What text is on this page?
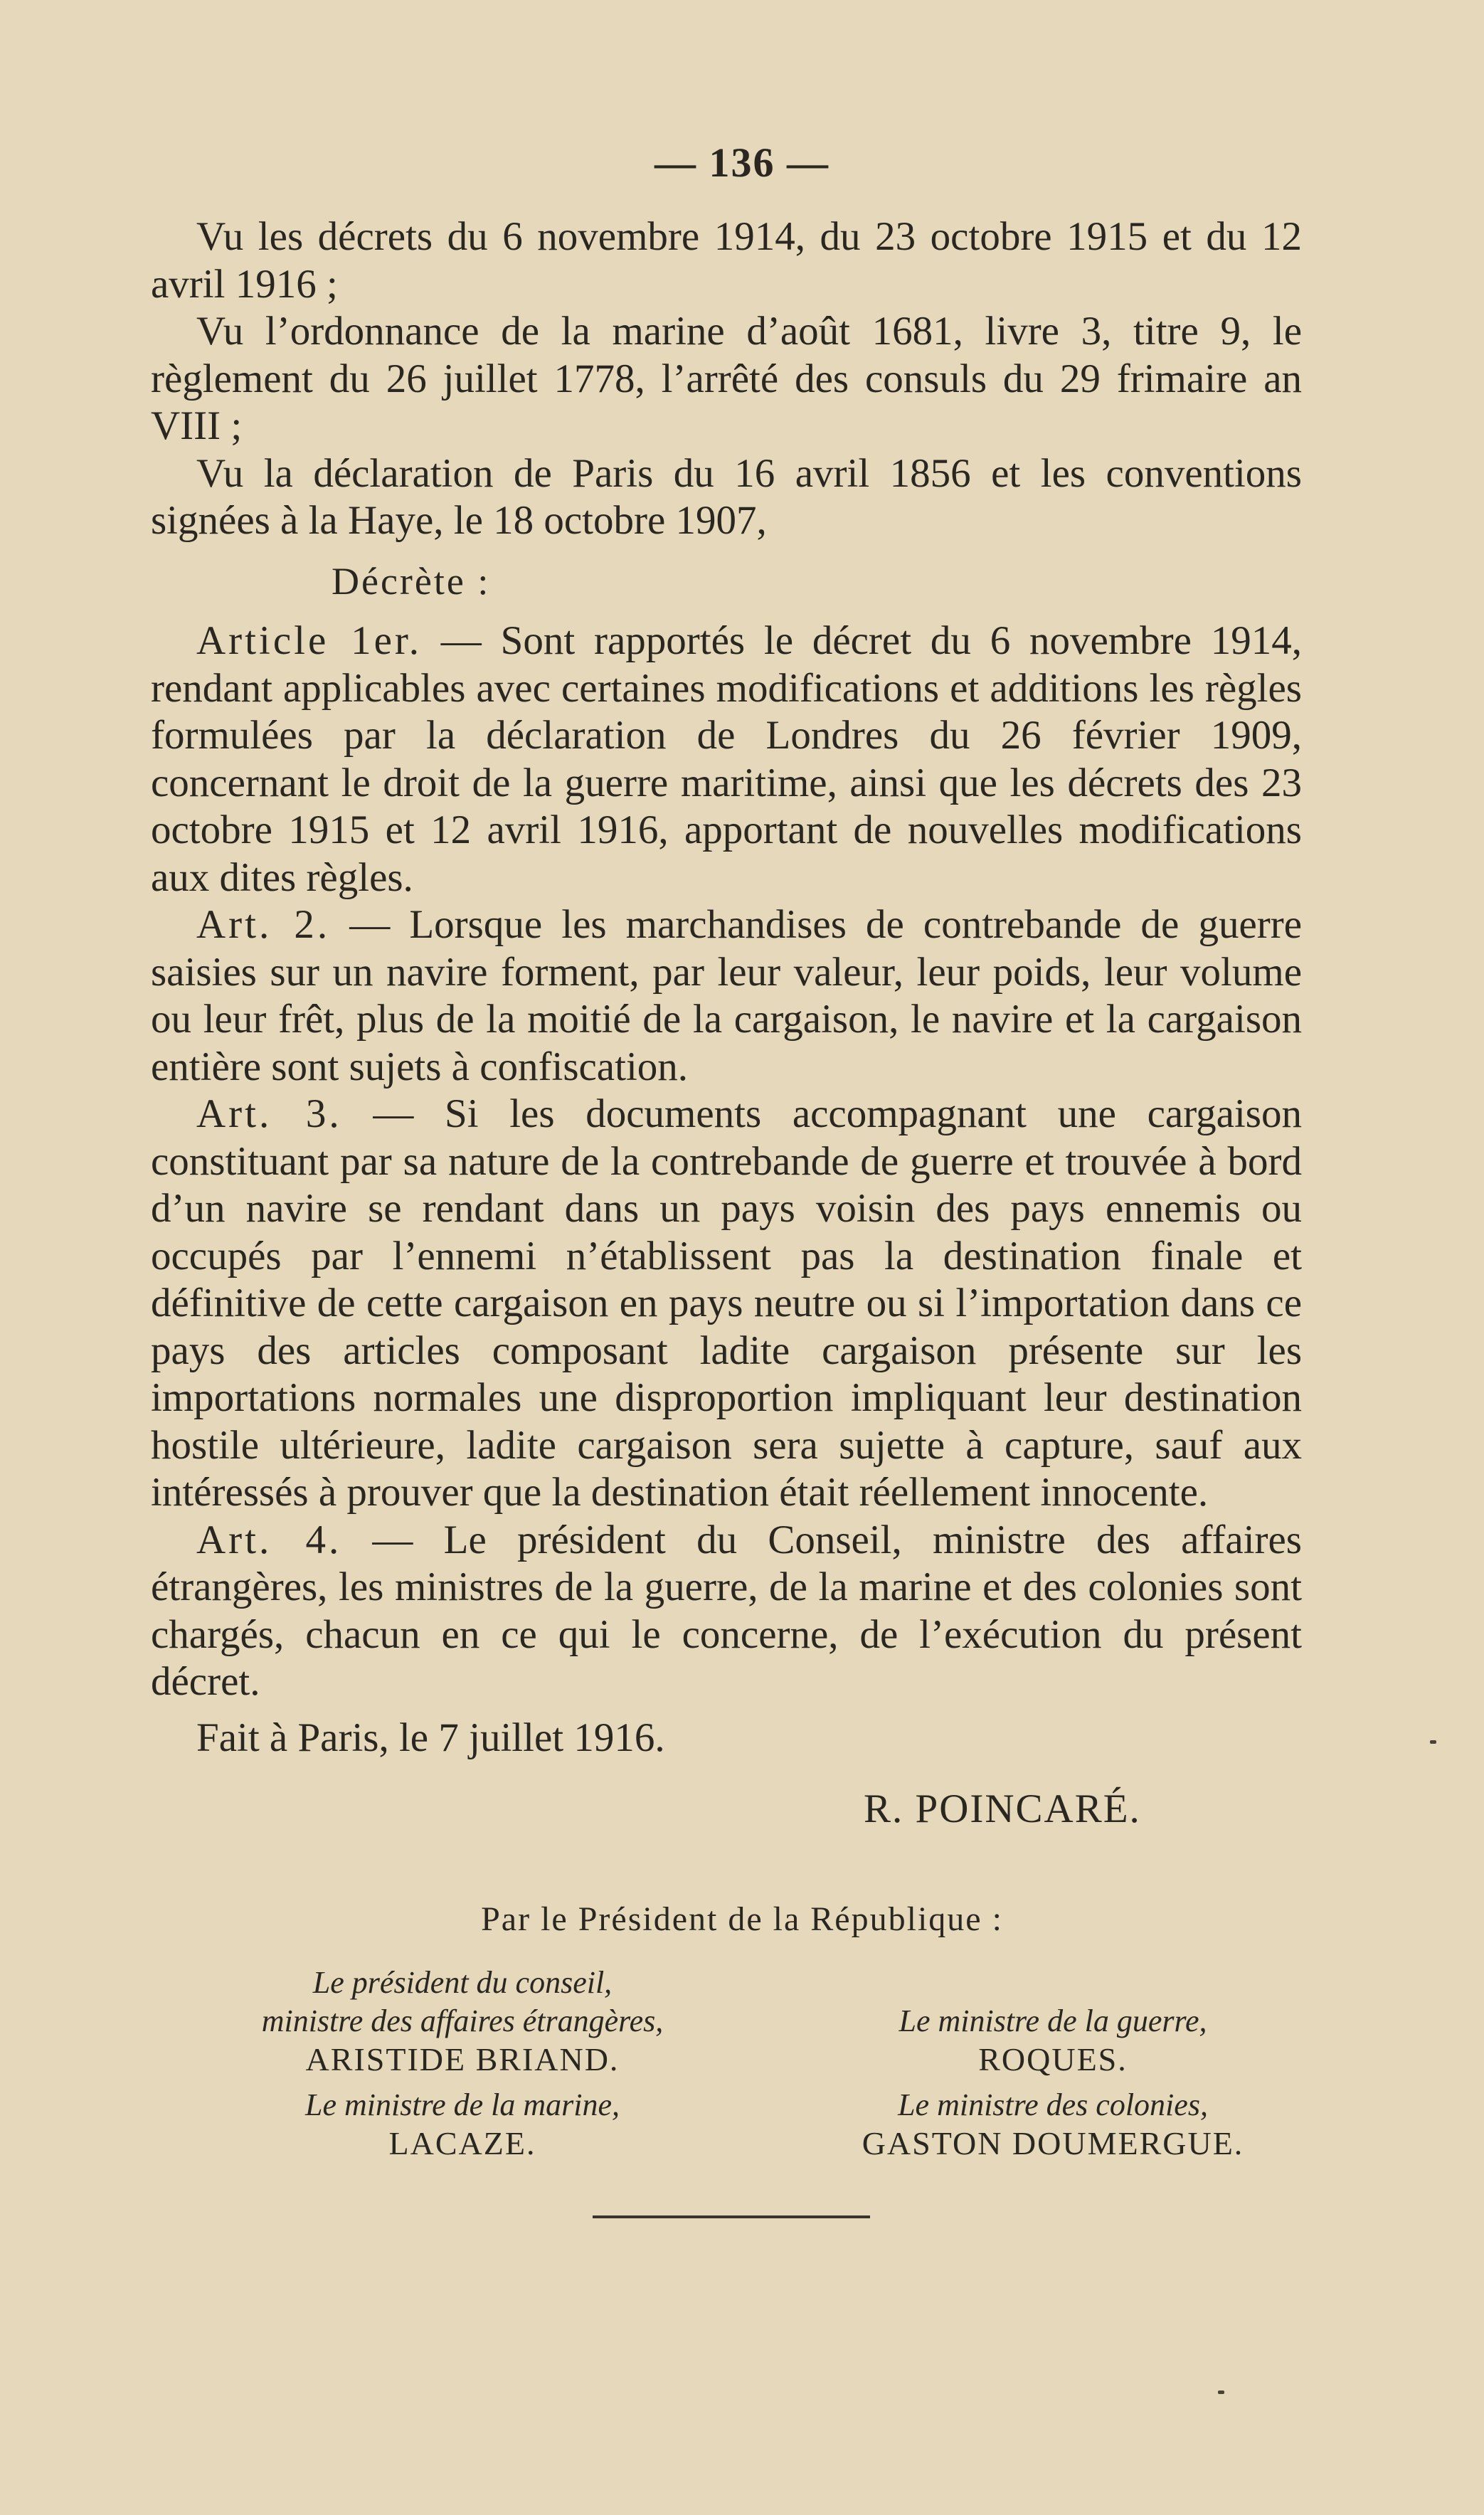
— 136 —

Vu les décrets du 6 novembre 1914, du 23 octobre 1915 et du 12 avril 1916 ;

Vu l’ordonnance de la marine d’août 1681, livre 3, titre 9, le règlement du 26 juillet 1778, l’arrêté des consuls du 29 frimaire an VIII ;

Vu la déclaration de Paris du 16 avril 1856 et les conventions signées à la Haye, le 18 octobre 1907,

Décrète :

Article 1er. — Sont rapportés le décret du 6 novembre 1914, rendant applicables avec certaines modifications et additions les règles formulées par la déclaration de Londres du 26 février 1909, concernant le droit de la guerre maritime, ainsi que les décrets des 23 octobre 1915 et 12 avril 1916, apportant de nouvelles modifications aux dites règles.

Art. 2. — Lorsque les marchandises de contrebande de guerre saisies sur un navire forment, par leur valeur, leur poids, leur volume ou leur frêt, plus de la moitié de la cargaison, le navire et la cargaison entière sont sujets à confiscation.

Art. 3. — Si les documents accompagnant une cargaison constituant par sa nature de la contrebande de guerre et trouvée à bord d’un navire se rendant dans un pays voisin des pays ennemis ou occupés par l’ennemi n’établissent pas la destination finale et définitive de cette cargaison en pays neutre ou si l’importation dans ce pays des articles composant ladite cargaison présente sur les importations normales une disproportion impliquant leur destination hostile ultérieure, ladite cargaison sera sujette à capture, sauf aux intéressés à prouver que la destination était réellement innocente.

Art. 4. — Le président du Conseil, ministre des affaires étrangères, les ministres de la guerre, de la marine et des colonies sont chargés, chacun en ce qui le concerne, de l’exécution du présent décret.

Fait à Paris, le 7 juillet 1916.
R. POINCARÉ.
Par le Président de la République :
Le président du conseil,
ministre des affaires étrangères,
ARISTIDE BRIAND.
Le ministre de la guerre,
ROQUES.
Le ministre de la marine,
LACAZE.
Le ministre des colonies,
GASTON DOUMERGUE.
